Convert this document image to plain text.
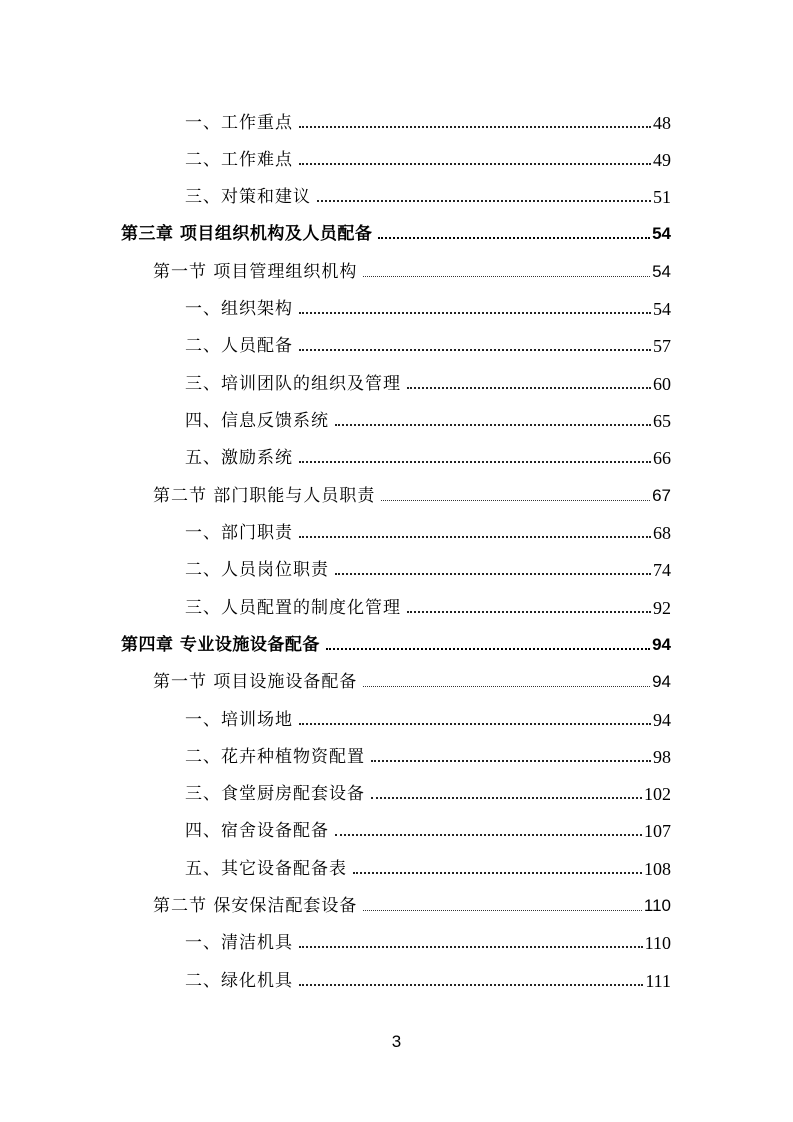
一、工作重点	48
二、工作难点	49
三、对策和建议	51
第三章 项目组织机构及人员配备	54
第一节 项目管理组织机构	54
一、组织架构	54
二、人员配备	57
三、培训团队的组织及管理	60
四、信息反馈系统	65
五、激励系统	66
第二节 部门职能与人员职责	67
一、部门职责	68
二、人员岗位职责	74
三、人员配置的制度化管理	92
第四章 专业设施设备配备	94
第一节 项目设施设备配备	94
一、培训场地	94
二、花卉种植物资配置	98
三、食堂厨房配套设备	102
四、宿舍设备配备	107
五、其它设备配备表	108
第二节 保安保洁配套设备	110
一、清洁机具	110
二、绿化机具	111
3
